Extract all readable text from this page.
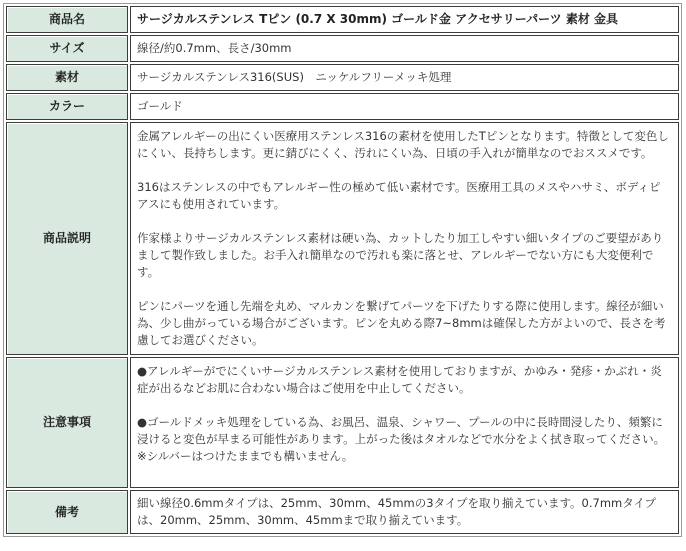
商品名	サージカルステンレス Tピン (0.7 X 30mm) ゴールド金 アクセサリーパーツ 素材 金具
サイズ	線径/約0.7mm、長さ/30mm
素材	サージカルステンレス316(SUS)　ニッケルフリーメッキ処理
カラー	ゴールド
商品説明	金属アレルギーの出にくい医療用ステンレス316の素材を使用したTピンとなります。特徴として変色しにくい、長持ちします。更に錆びにくく、汚れにくい為、日頃の手入れが簡単なのでおススメです。

316はステンレスの中でもアレルギー性の極めて低い素材です。医療用工具のメスやハサミ、ボディピアスにも使用されています。

作家様よりサージカルステンレス素材は硬い為、カットしたり加工しやすい細いタイプのご要望がありまして製作致しました。お手入れ簡単なので汚れも楽に落とせ、アレルギーでない方にも大変便利です。

ピンにパーツを通し先端を丸め、マルカンを繋げてパーツを下げたりする際に使用します。線径が細い為、少し曲がっている場合がございます。ピンを丸める際7~8mmは確保した方がよいので、長さを考慮してお選びください。

注意事項	●アレルギーがでにくいサージカルステンレス素材を使用しておりますが、かゆみ・発疹・かぶれ・炎症が出るなどお肌に合わない場合はご使用を中止してください。

●ゴールドメッキ処理をしている為、お風呂、温泉、シャワー、プールの中に長時間浸したり、頻繁に浸けると変色が早まる可能性があります。上がった後はタオルなどで水分をよく拭き取ってください。※シルバーはつけたままでも構いません。

備考	細い線径0.6mmタイプは、25mm、30mm、45mmの3タイプを取り揃えています。0.7mmタイプは、20mm、25mm、30mm、45mmまで取り揃えています。
